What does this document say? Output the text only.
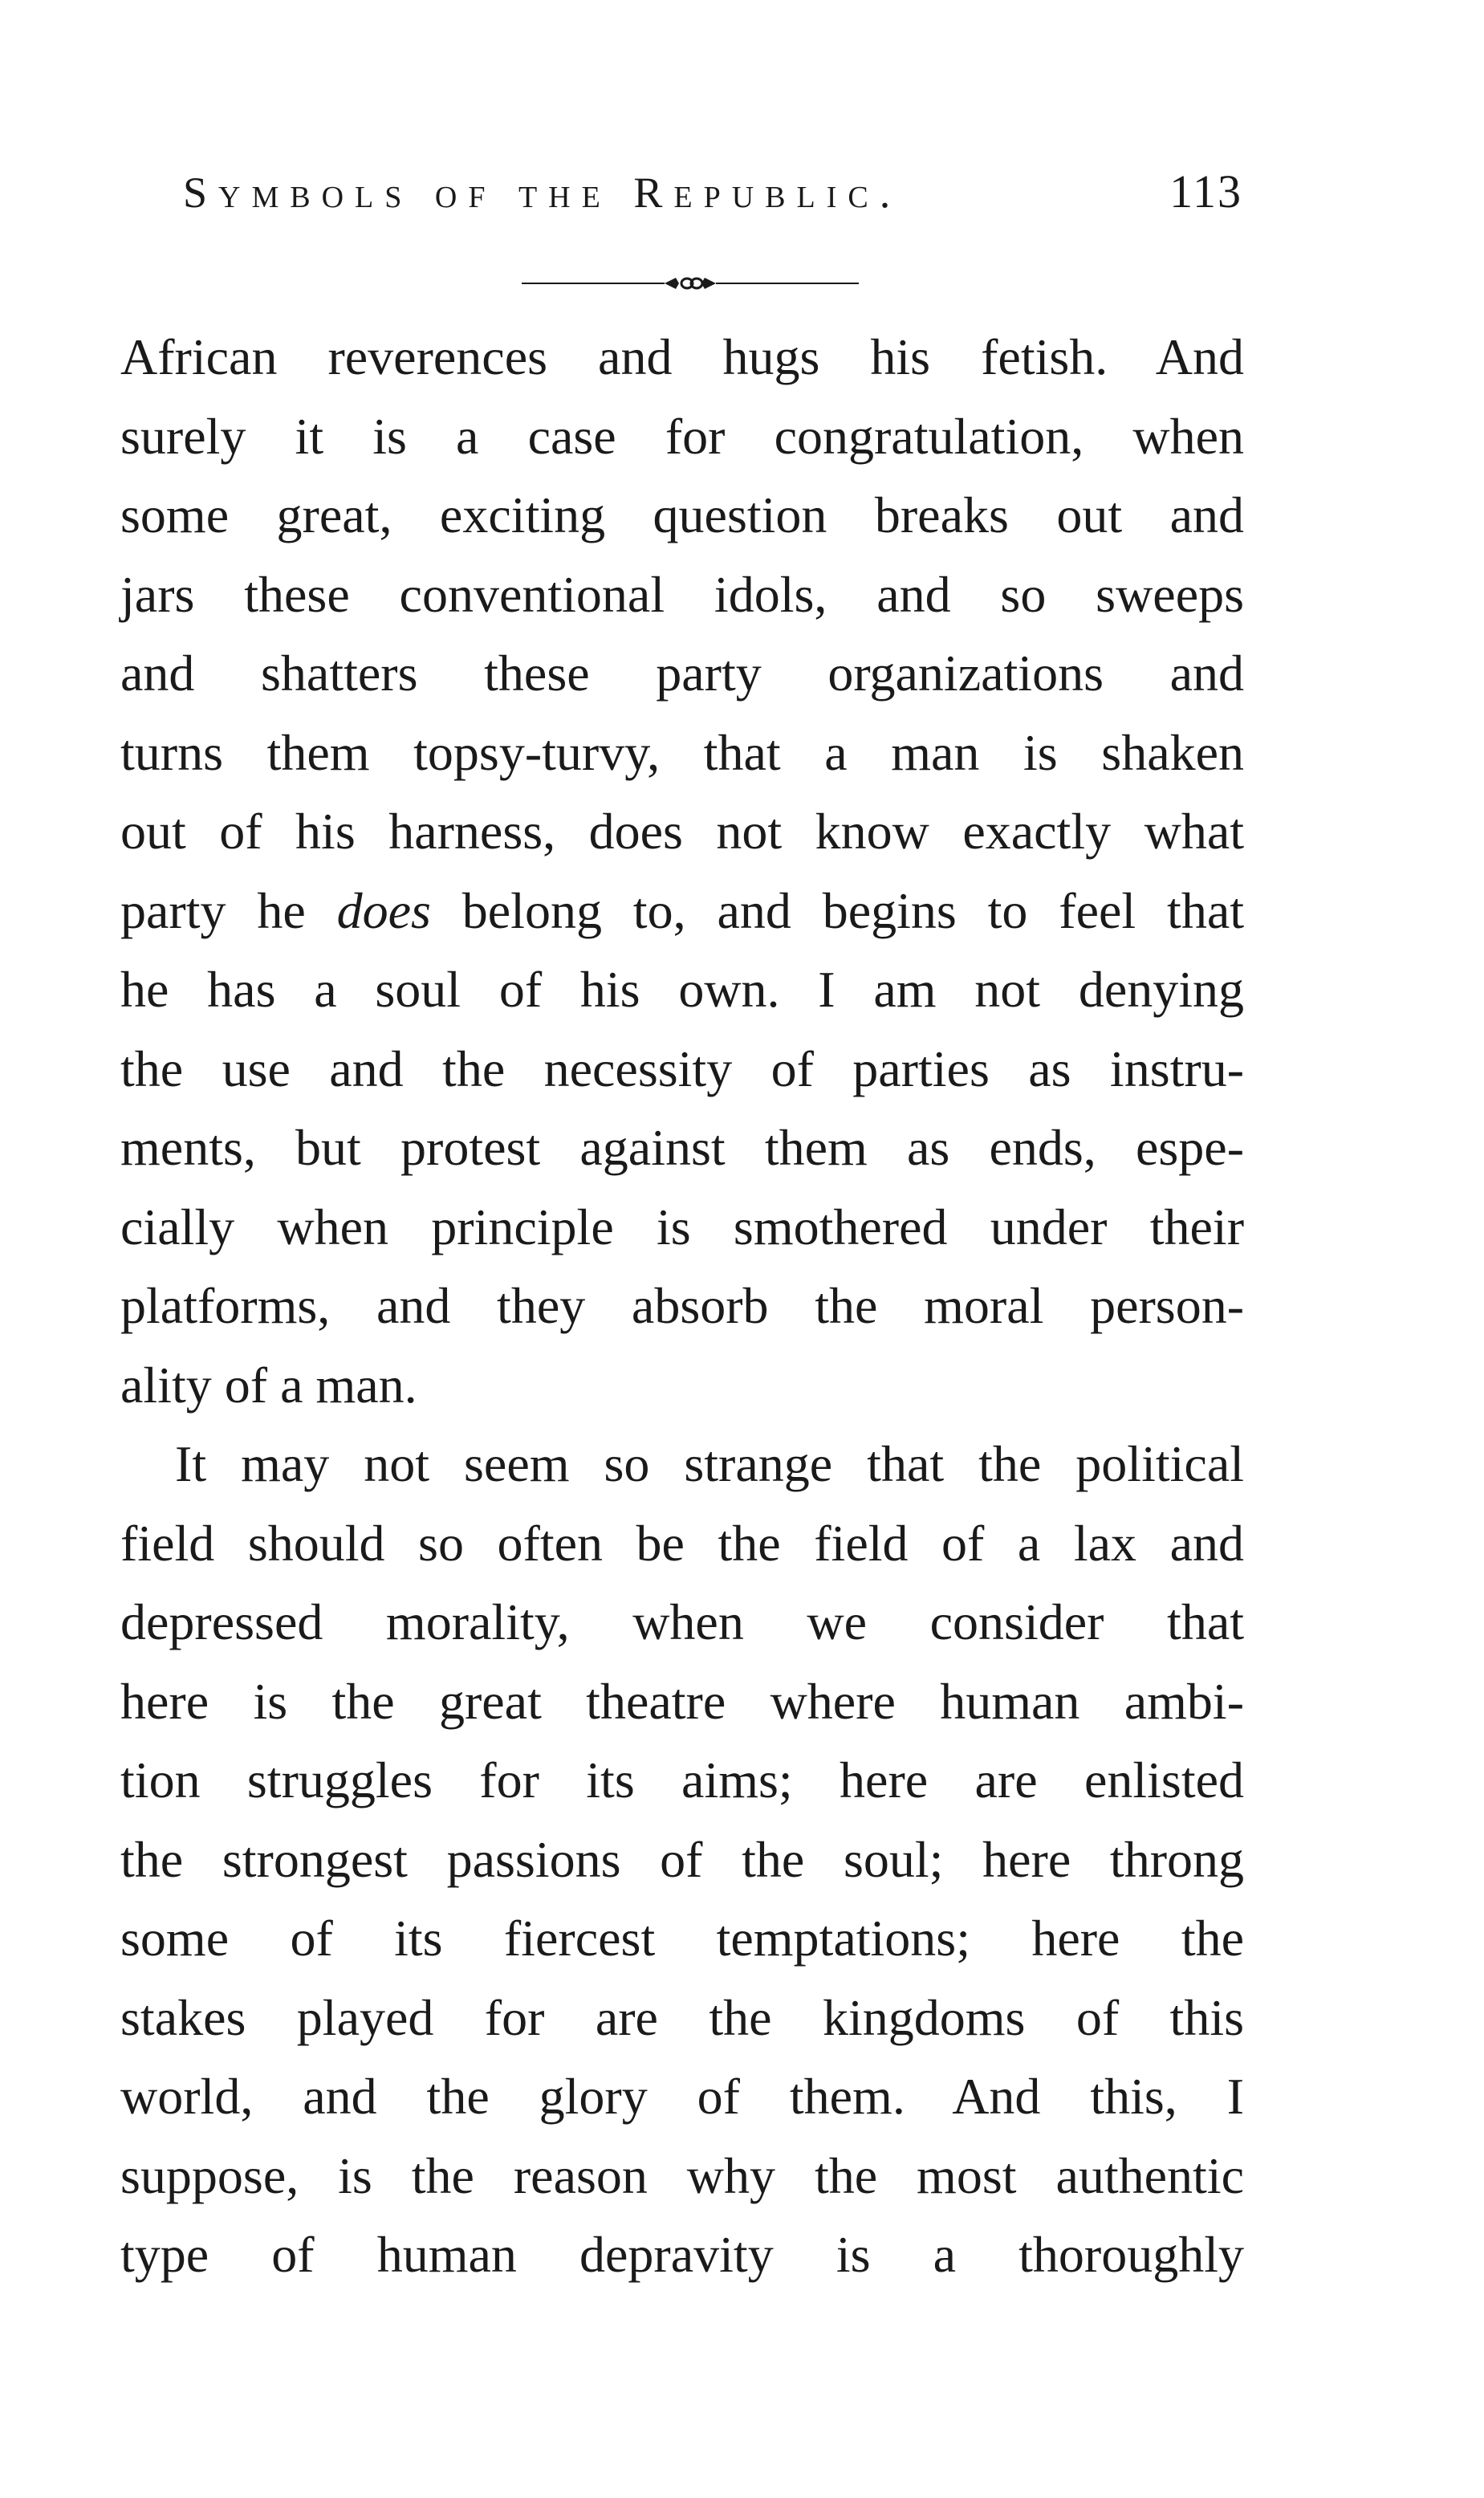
Symbols of the Republic.	113
African reverences and hugs his fetish. And
surely it is a case for congratulation, when
some great, exciting question breaks out and
jars these conventional idols, and so sweeps
and shatters these party organizations and
turns them topsy-turvy, that a man is shaken
out of his harness, does not know exactly what
party he does belong to, and begins to feel that
he has a soul of his own. I am not denying
the use and the necessity of parties as instru-
ments, but protest against them as ends, espe-
cially when principle is smothered under their
platforms, and they absorb the moral person-
ality of a man.
It may not seem so strange that the political
field should so often be the field of a lax and
depressed morality, when we consider that
here is the great theatre where human ambi-
tion struggles for its aims; here are enlisted
the strongest passions of the soul; here throng
some of its fiercest temptations; here the
stakes played for are the kingdoms of this
world, and the glory of them. And this, I
suppose, is the reason why the most authentic
type of human depravity is a thoroughly
